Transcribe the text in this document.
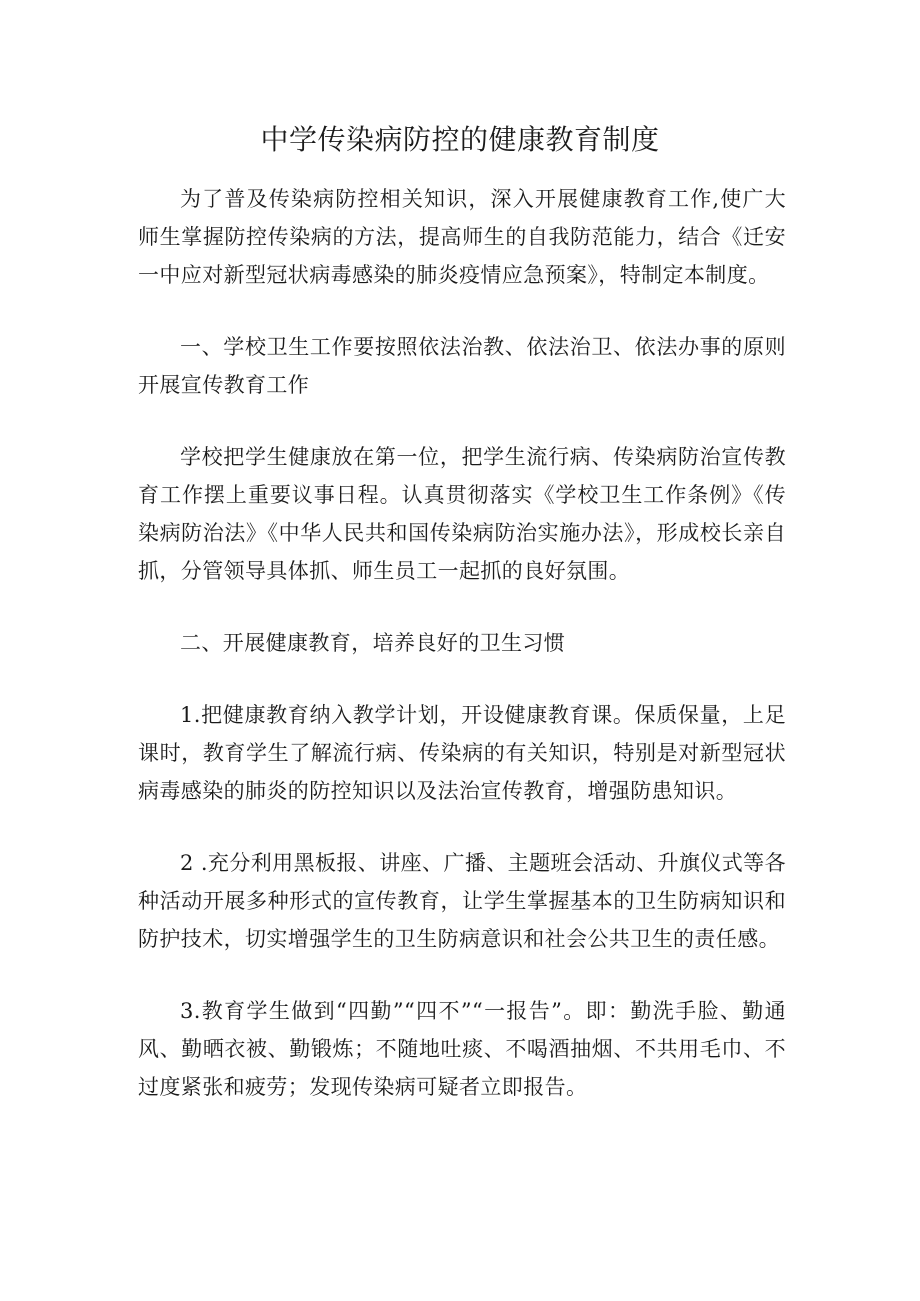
中学传染病防控的健康教育制度

为了普及传染病防控相关知识，深入开展健康教育工作,使广大师生掌握防控传染病的方法，提高师生的自我防范能力，结合《迁安一中应对新型冠状病毒感染的肺炎疫情应急预案》，特制定本制度。

一、学校卫生工作要按照依法治教、依法治卫、依法办事的原则开展宣传教育工作

学校把学生健康放在第一位，把学生流行病、传染病防治宣传教育工作摆上重要议事日程。认真贯彻落实《学校卫生工作条例》《传染病防治法》《中华人民共和国传染病防治实施办法》，形成校长亲自抓，分管领导具体抓、师生员工一起抓的良好氛围。

二、开展健康教育，培养良好的卫生习惯

1.把健康教育纳入教学计划，开设健康教育课。保质保量，上足课时，教育学生了解流行病、传染病的有关知识，特别是对新型冠状病毒感染的肺炎的防控知识以及法治宣传教育，增强防患知识。

2 .充分利用黑板报、讲座、广播、主题班会活动、升旗仪式等各种活动开展多种形式的宣传教育，让学生掌握基本的卫生防病知识和防护技术，切实增强学生的卫生防病意识和社会公共卫生的责任感。

3.教育学生做到“四勤”“四不”“一报告”。即：勤洗手脸、勤通风、勤晒衣被、勤锻炼；不随地吐痰、不喝酒抽烟、不共用毛巾、不过度紧张和疲劳；发现传染病可疑者立即报告。
